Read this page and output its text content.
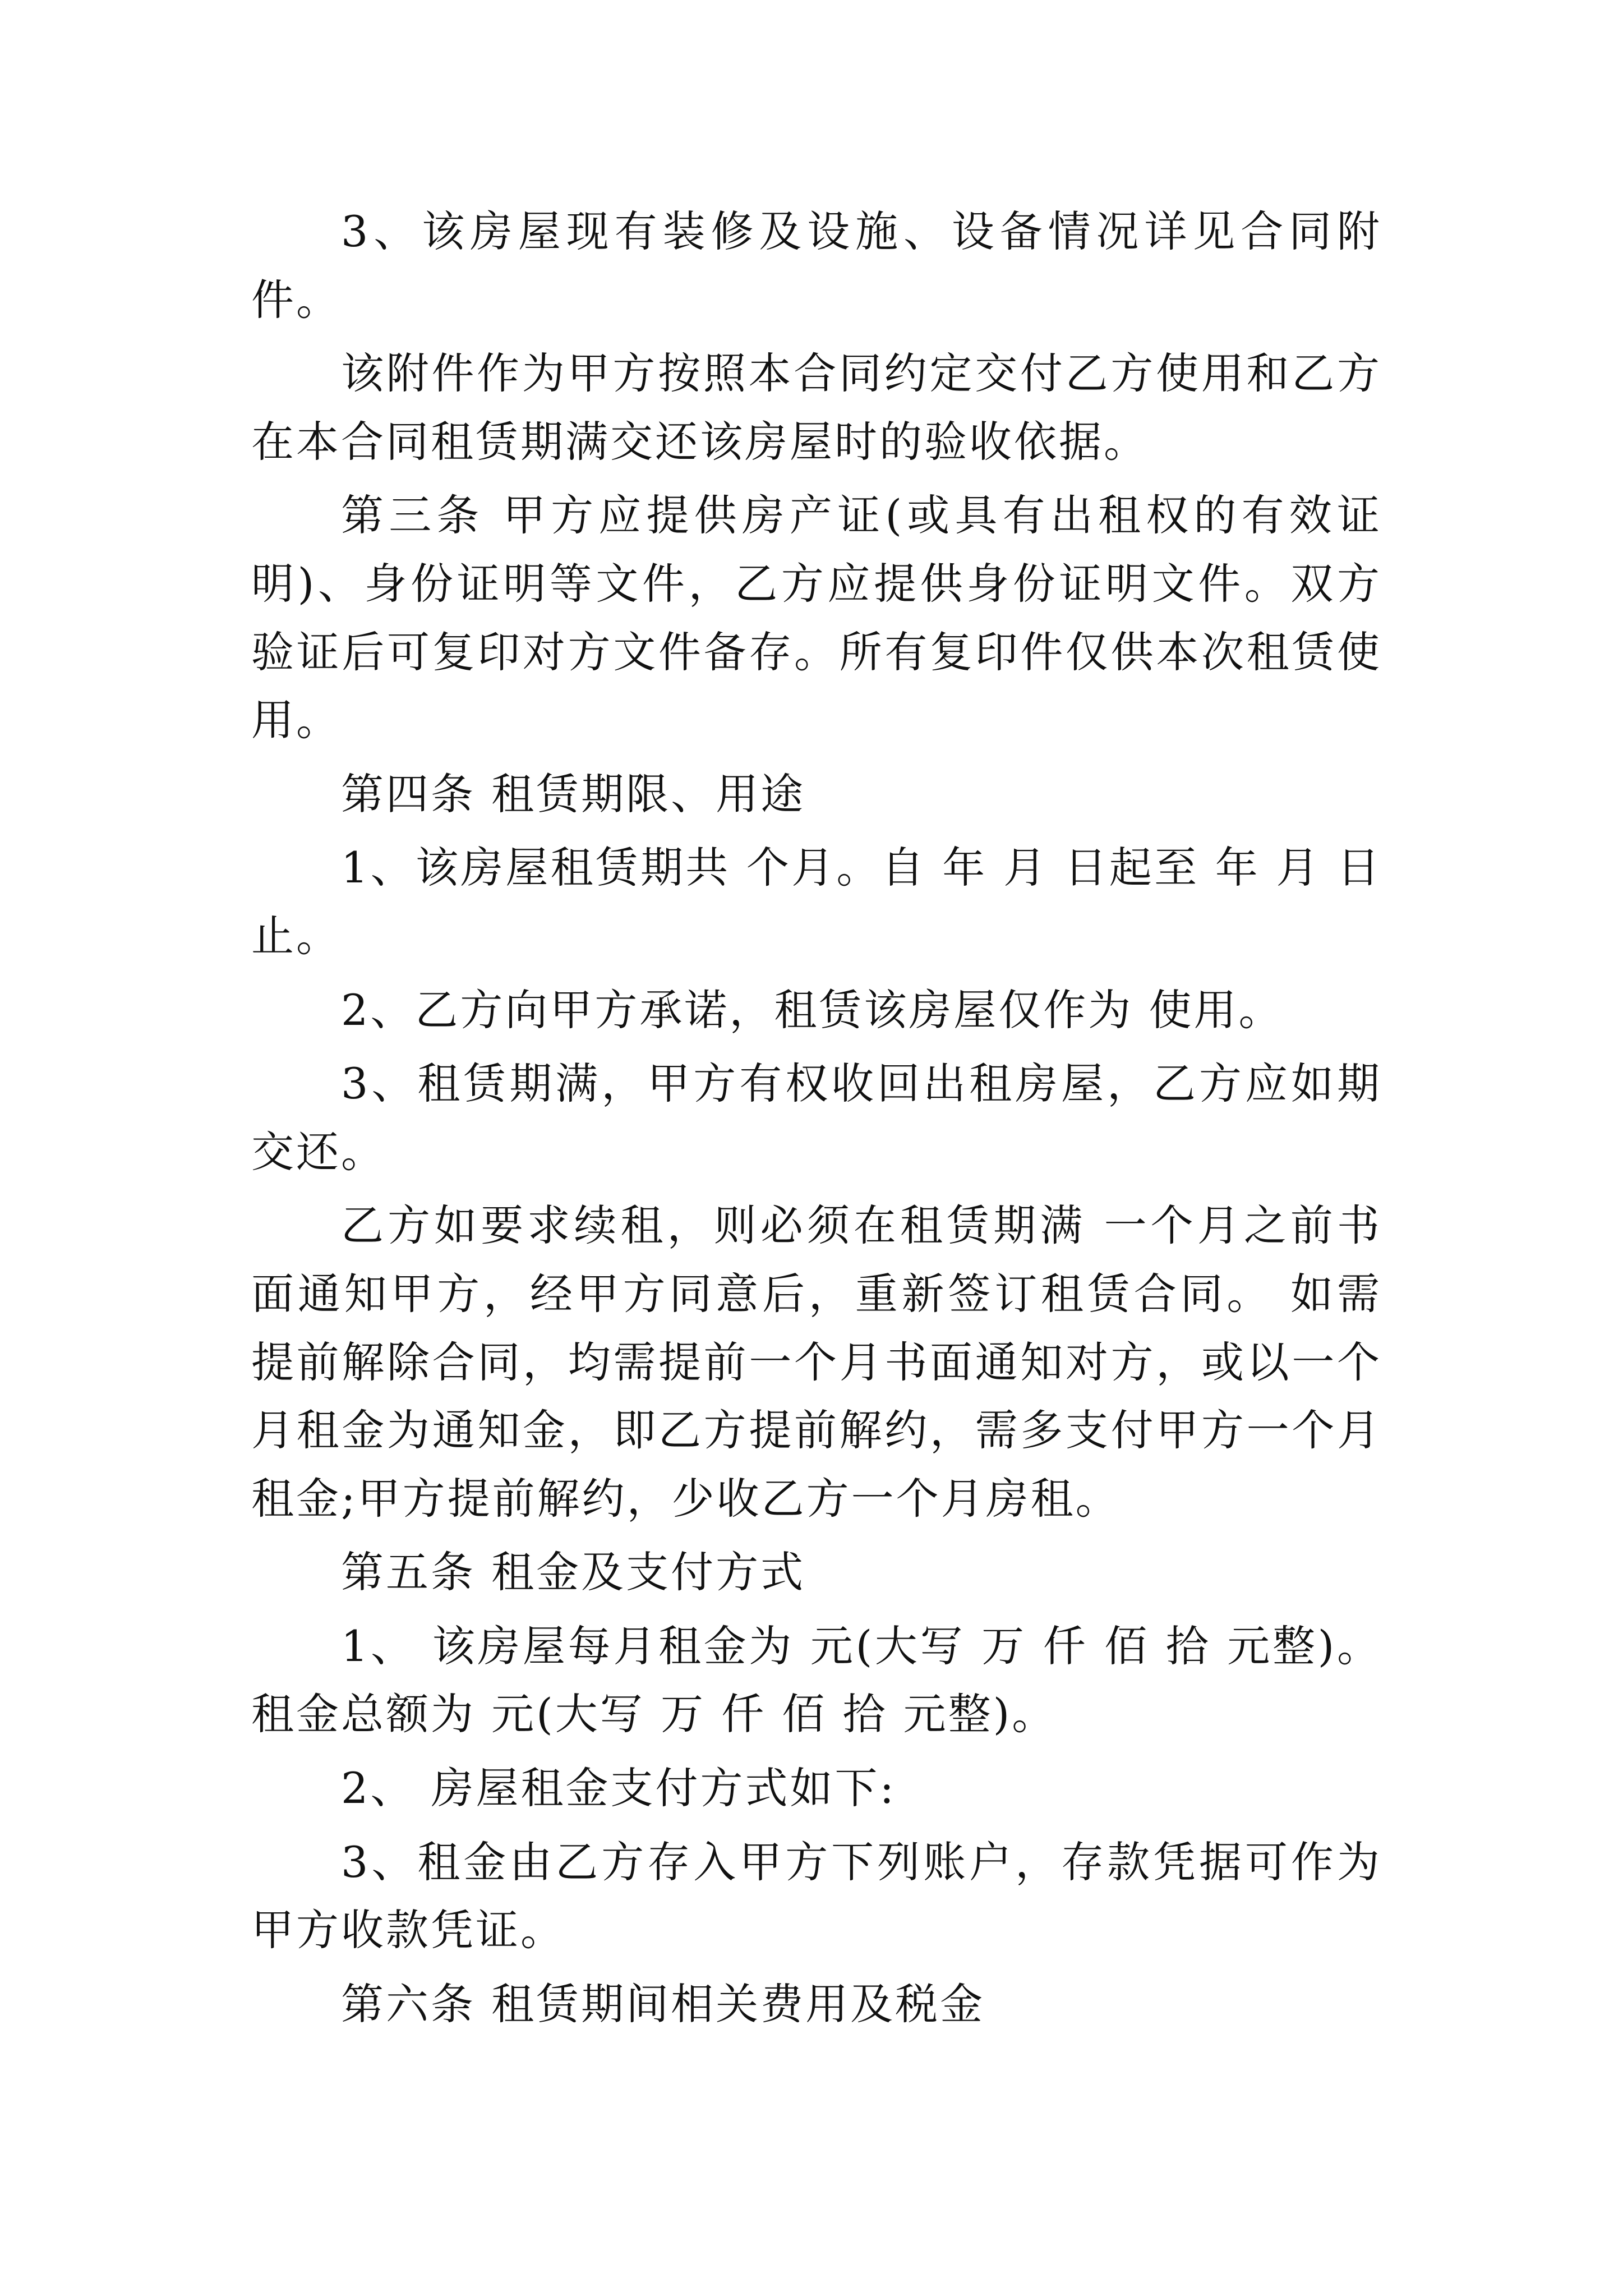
3、该房屋现有装修及设施、设备情况详见合同附件。

该附件作为甲方按照本合同约定交付乙方使用和乙方在本合同租赁期满交还该房屋时的验收依据。

第三条 甲方应提供房产证(或具有出租权的有效证明)、身份证明等文件，乙方应提供身份证明文件。双方验证后可复印对方文件备存。所有复印件仅供本次租赁使用。

第四条 租赁期限、用途

1、该房屋租赁期共 个月。自 年 月 日起至 年 月 日止。

2、乙方向甲方承诺，租赁该房屋仅作为 使用。

3、租赁期满，甲方有权收回出租房屋，乙方应如期交还。

乙方如要求续租，则必须在租赁期满 一个月之前书面通知甲方，经甲方同意后，重新签订租赁合同。 如需提前解除合同，均需提前一个月书面通知对方，或以一个月租金为通知金，即乙方提前解约，需多支付甲方一个月租金;甲方提前解约，少收乙方一个月房租。

第五条 租金及支付方式

1、 该房屋每月租金为 元(大写 万 仟 佰 拾 元整)。租金总额为 元(大写 万 仟 佰 拾 元整)。

2、 房屋租金支付方式如下:

3、租金由乙方存入甲方下列账户，存款凭据可作为甲方收款凭证。

第六条 租赁期间相关费用及税金
